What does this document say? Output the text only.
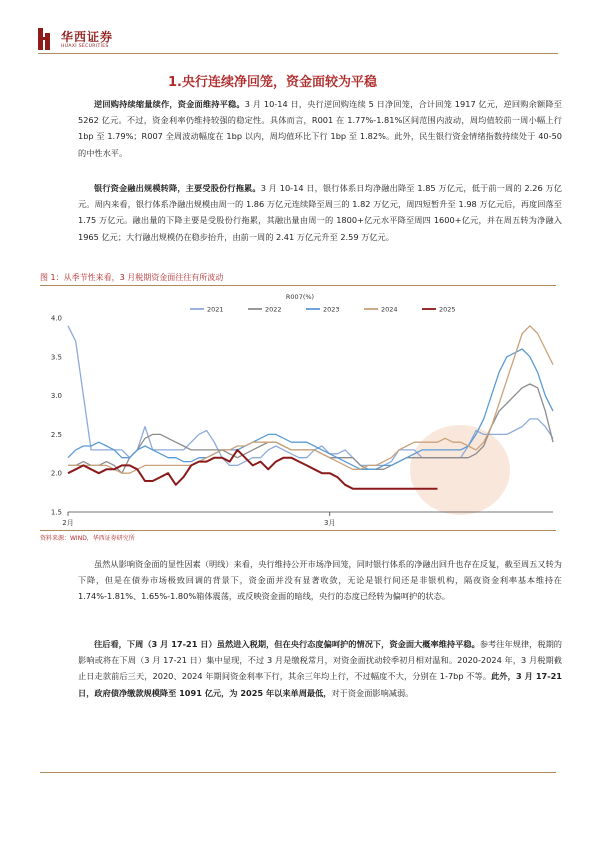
华西证券
HUAXI SECURITIES
1.央行连续净回笼，资金面较为平稳
逆回购持续缩量续作，资金面维持平稳。3 月 10-14 日，央行逆回购连续 5 日净回笼，合计回笼 1917 亿元，逆回购余额降至 5262 亿元。不过，资金利率仍维持较强的稳定性。具体而言，R001 在 1.77%-1.81%区间范围内波动，周均值较前一周小幅上行 1bp 至 1.79%；R007 全周波动幅度在 1bp 以内，周均值环比下行 1bp 至 1.82%。此外，民生银行资金情绪指数持续处于 40-50 的中性水平。
银行资金融出规模转降，主要受股份行拖累。3 月 10-14 日，银行体系日均净融出降至 1.85 万亿元，低于前一周的 2.26 万亿元。周内来看，银行体系净融出规模由周一的 1.86 万亿元连续降至周三的 1.82 万亿元，周四短暂升至 1.98 万亿元后，再度回落至 1.75 万亿元。融出量的下降主要是受股份行拖累，其融出量由周一的 1800+亿元水平降至周四 1600+亿元，并在周五转为净融入 1965 亿元；大行融出规模仍在稳步抬升，由前一周的 2.41 万亿元升至 2.59 万亿元。
图 1：从季节性来看，3 月税期资金面往往有所波动
R007(%)
2021	2022	2023	2024	2025
1.5
2.0
2.5
3.0
3.5
4.0
2月	3月
资料来源：WIND，华西证券研究所
虽然从影响资金面的显性因素（明线）来看，央行维持公开市场净回笼，同时银行体系的净融出回升也存在反复，截至周五又转为下降，但是在债券市场极致回调的背景下，资金面并没有显著收敛，无论是银行间还是非银机构，隔夜资金利率基本维持在 1.74%-1.81%、1.65%-1.80%箱体震荡，或反映资金面的暗线，央行的态度已经转为偏呵护的状态。
往后看，下周（3 月 17-21 日）虽然进入税期，但在央行态度偏呵护的情况下，资金面大概率维持平稳。参考往年规律，税期的影响或将在下周（3 月 17-21 日）集中显现，不过 3 月是缴税常月，对资金面扰动较季初月相对温和。2020-2024 年，3 月税期截止日走款前后三天，2020、2024 年期间资金利率下行，其余三年均上行，不过幅度不大，分别在 1-7bp 不等。此外，3 月 17-21 日，政府债净缴款规模降至 1091 亿元，为 2025 年以来单周最低，对于资金面影响减弱。
